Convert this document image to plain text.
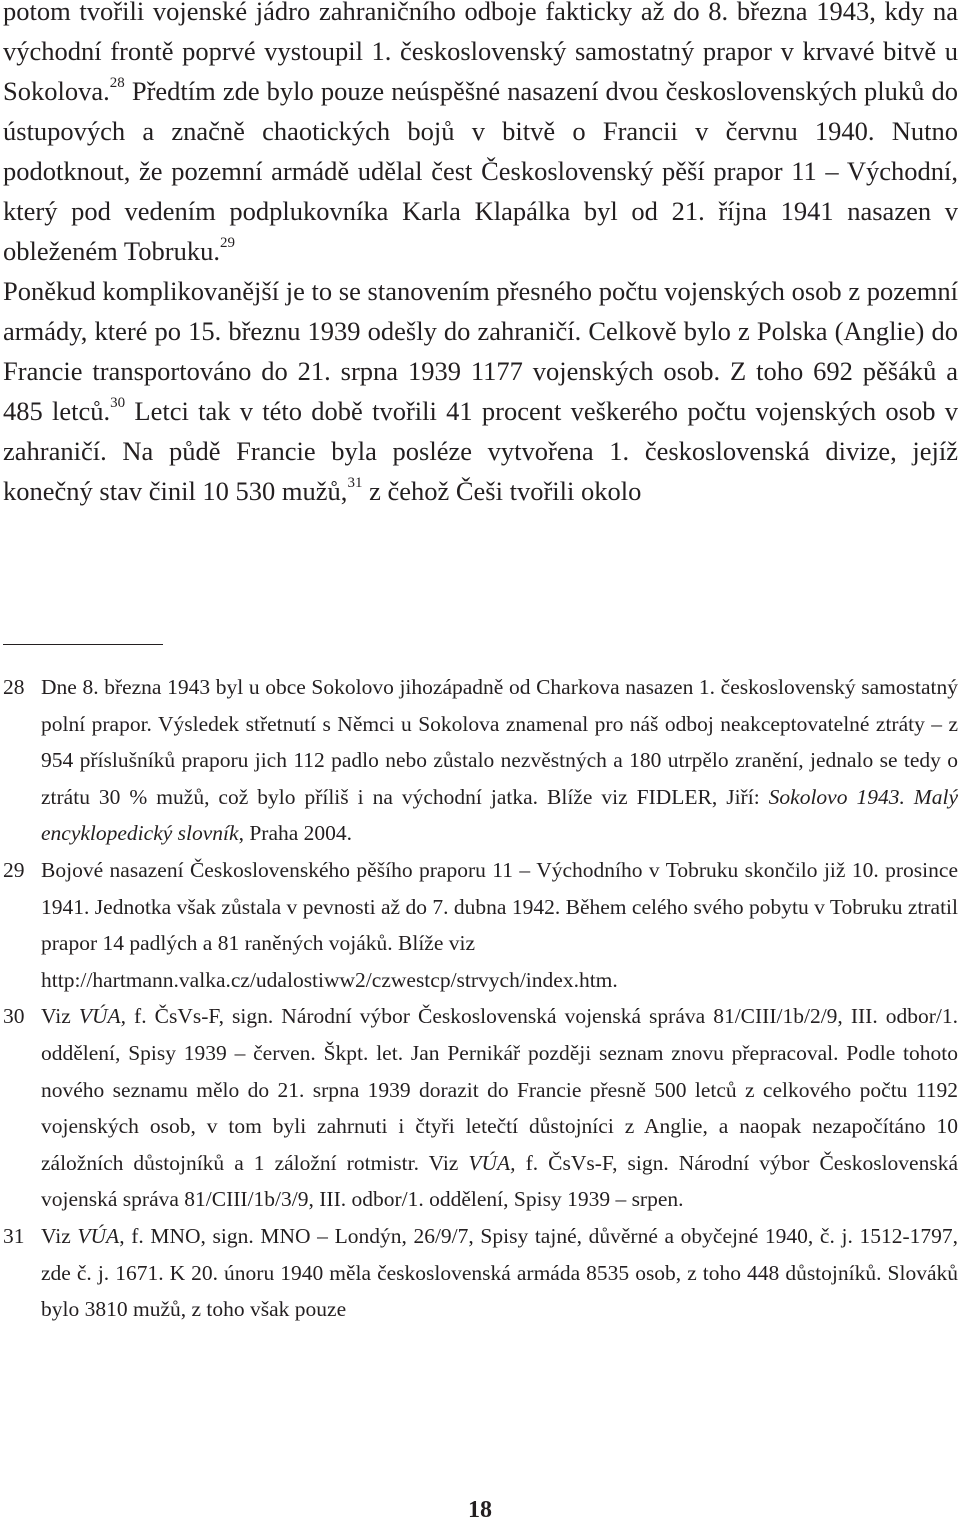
potom tvořili vojenské jádro zahraničního odboje fakticky až do 8. března 1943, kdy na východní frontě poprvé vystoupil 1. československý samostatný prapor v krvavé bitvě u Sokolova.$^{28}$ Předtím zde bylo pouze neúspěšné nasazení dvou československých pluků do ústupových a značně chaotických bojů v bitvě o Francii v červnu 1940. Nutno podotknout, že pozemní armádě udělal čest Československý pěší prapor 11 – Východní, který pod vedením podplukovníka Karla Klapálka byl od 21. října 1941 nasazen v obleženém Tobruku.$^{29}$

Poněkud komplikovanější je to se stanovením přesného počtu vojenských osob z pozemní armády, které po 15. březnu 1939 odešly do zahraničí. Celkově bylo z Polska (Anglie) do Francie transportováno do 21. srpna 1939 1177 vojenských osob. Z toho 692 pěšáků a 485 letců.$^{30}$ Letci tak v této době tvořili 41 procent veškerého počtu vojenských osob v zahraničí. Na půdě Francie byla posléze vytvořena 1. československá divize, jejíž konečný stav činil 10 530 mužů,$^{31}$ z čehož Češi tvořili okolo

28 Dne 8. března 1943 byl u obce Sokolovo jihozápadně od Charkova nasazen 1. československý samostatný polní prapor. Výsledek střetnutí s Němci u Sokolova znamenal pro náš odboj neakceptovatelné ztráty – z 954 příslušníků praporu jich 112 padlo nebo zůstalo nezvěstných a 180 utrpělo zranění, jednalo se tedy o ztrátu 30 % mužů, což bylo příliš i na východní jatka. Blíže viz FIDLER, Jiří: Sokolovo 1943. Malý encyklopedický slovník, Praha 2004.
29 Bojové nasazení Československého pěšího praporu 11 – Východního v Tobruku skončilo již 10. prosince 1941. Jednotka však zůstala v pevnosti až do 7. dubna 1942. Během celého svého pobytu v Tobruku ztratil prapor 14 padlých a 81 raněných vojáků. Blíže viz
http://hartmann.valka.cz/udalostiww2/czwestcp/strvych/index.htm.
30 Viz VÚA, f. ČsVs-F, sign. Národní výbor Československá vojenská správa 81/CIII/1b/2/9, III. odbor/1. oddělení, Spisy 1939 – červen. Škpt. let. Jan Pernikář později seznam znovu přepracoval. Podle tohoto nového seznamu mělo do 21. srpna 1939 dorazit do Francie přesně 500 letců z celkového počtu 1192 vojenských osob, v tom byli zahrnuti i čtyři letečtí důstojníci z Anglie, a naopak nezapočítáno 10 záložních důstojníků a 1 záložní rotmistr. Viz VÚA, f. ČsVs-F, sign. Národní výbor Československá vojenská správa 81/CIII/1b/3/9, III. odbor/1. oddělení, Spisy 1939 – srpen.
31 Viz VÚA, f. MNO, sign. MNO – Londýn, 26/9/7, Spisy tajné, důvěrné a obyčejné 1940, č. j. 1512-1797, zde č. j. 1671. K 20. únoru 1940 měla československá armáda 8535 osob, z toho 448 důstojníků. Slováků bylo 3810 mužů, z toho však pouze
18
